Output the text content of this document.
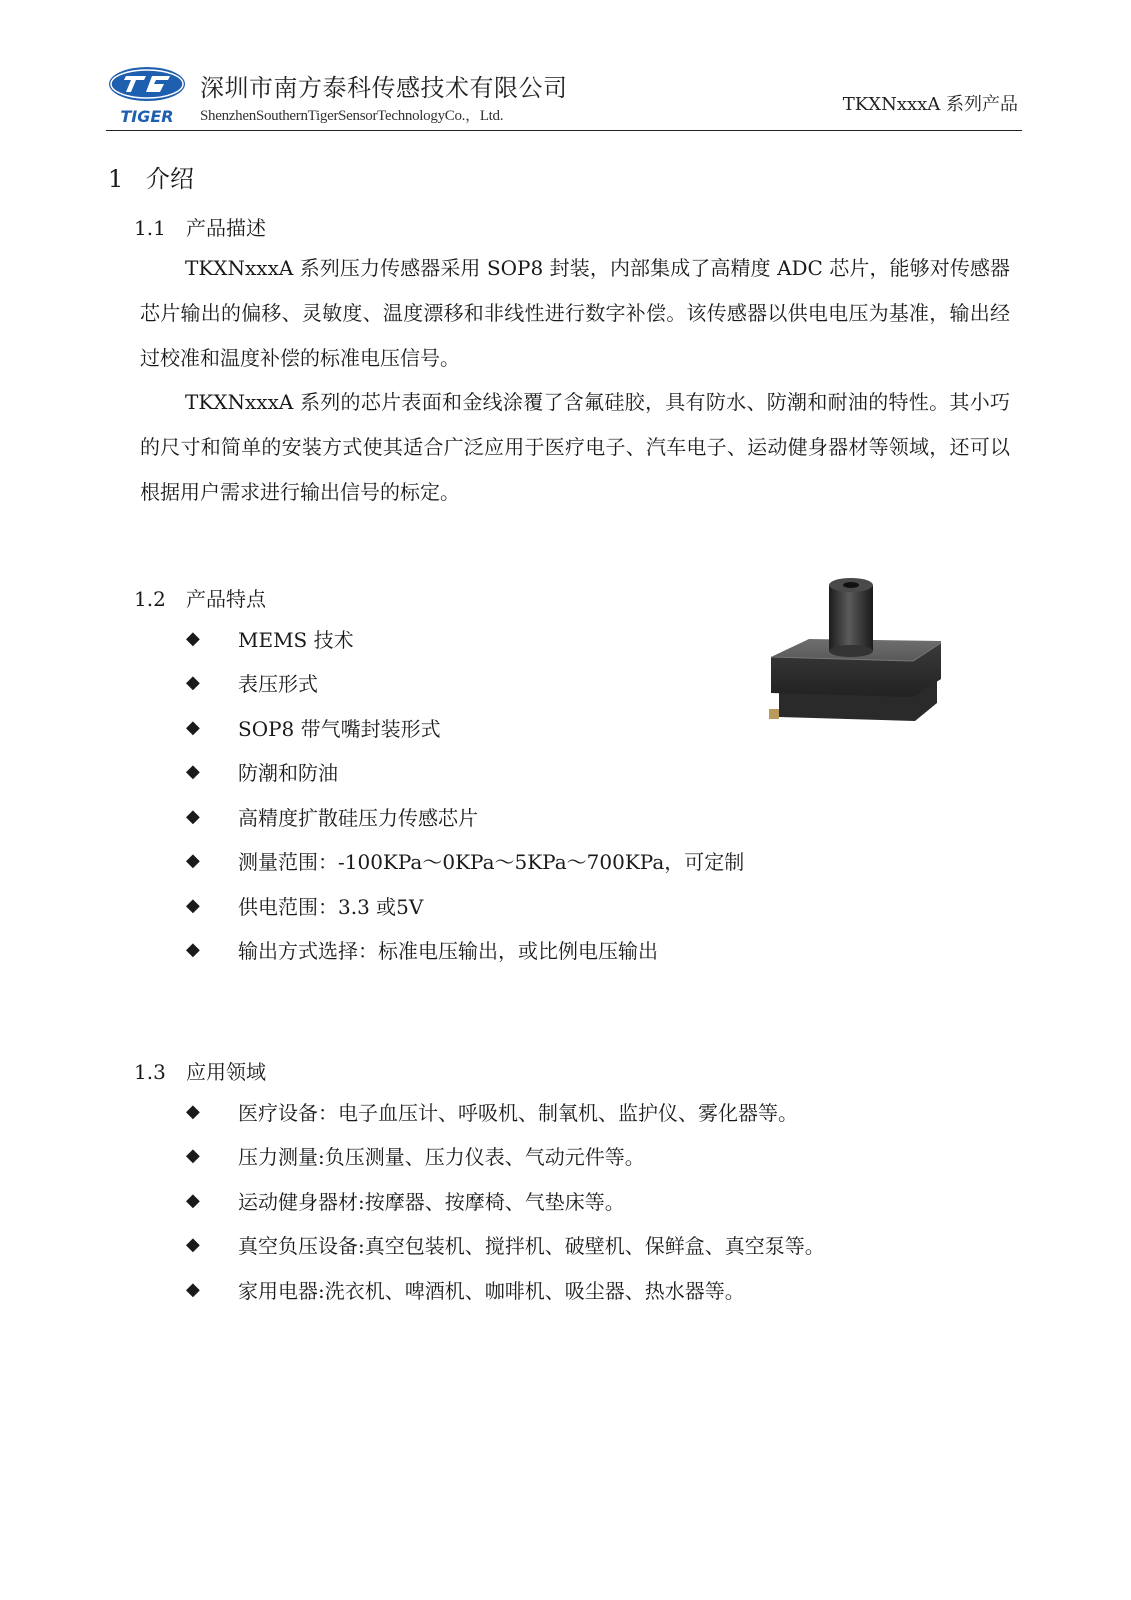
TIGER
深圳市南方泰科传感技术有限公司
ShenzhenSouthernTigerSensorTechnologyCo.，Ltd.
TKXNxxxA 系列产品
1 介绍
1.1 产品描述
TKXNxxxA 系列压力传感器采用 SOP8 封装，内部集成了高精度 ADC 芯片，能够对传感器芯片输出的偏移、灵敏度、温度漂移和非线性进行数字补偿。该传感器以供电电压为基准，输出经过校准和温度补偿的标准电压信号。
TKXNxxxA 系列的芯片表面和金线涂覆了含氟硅胶，具有防水、防潮和耐油的特性。其小巧的尺寸和简单的安装方式使其适合广泛应用于医疗电子、汽车电子、运动健身器材等领域，还可以根据用户需求进行输出信号的标定。
1.2 产品特点
◆	MEMS 技术
◆	表压形式
◆	SOP8 带气嘴封装形式
◆	防潮和防油
◆	高精度扩散硅压力传感芯片
◆	测量范围：-100KPa～0KPa～5KPa～700KPa，可定制
◆	供电范围：3.3 或5V
◆	输出方式选择：标准电压输出，或比例电压输出
1.3 应用领域
◆	医疗设备：电子血压计、呼吸机、制氧机、监护仪、雾化器等。
◆	压力测量:负压测量、压力仪表、气动元件等。
◆	运动健身器材:按摩器、按摩椅、气垫床等。
◆	真空负压设备:真空包装机、搅拌机、破壁机、保鲜盒、真空泵等。
◆	家用电器:洗衣机、啤酒机、咖啡机、吸尘器、热水器等。
